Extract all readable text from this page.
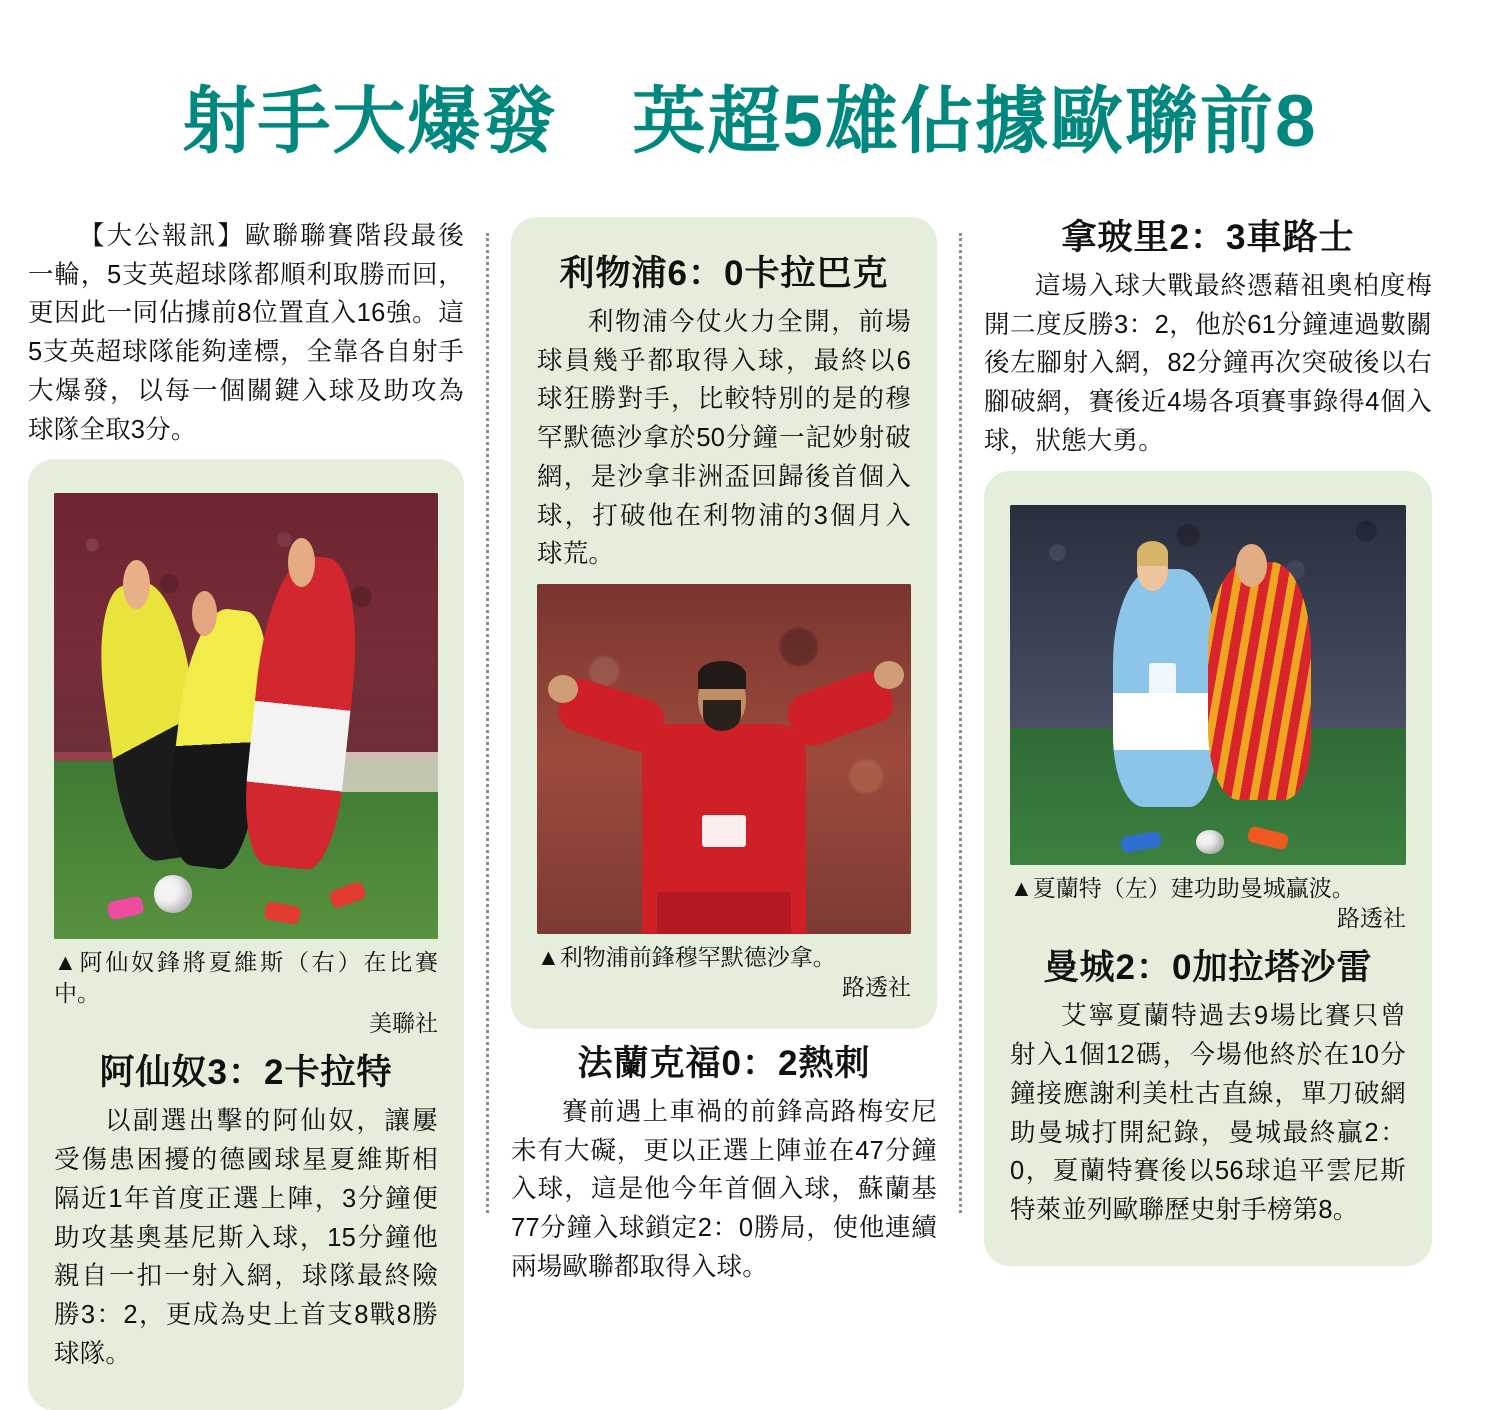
射手大爆發　英超5雄佔據歐聯前8

【大公報訊】歐聯聯賽階段最後一輪，5支英超球隊都順利取勝而回，更因此一同佔據前8位置直入16強。這5支英超球隊能夠達標，全靠各自射手大爆發，以每一個關鍵入球及助攻為球隊全取3分。

▲阿仙奴鋒將夏維斯（右）在比賽中。
美聯社
阿仙奴3：2卡拉特

以副選出擊的阿仙奴，讓屢受傷患困擾的德國球星夏維斯相隔近1年首度正選上陣，3分鐘便助攻基奧基尼斯入球，15分鐘他親自一扣一射入網，球隊最終險勝3：2，更成為史上首支8戰8勝球隊。

利物浦6：0卡拉巴克

利物浦今仗火力全開，前場球員幾乎都取得入球，最終以6球狂勝對手，比較特別的是的穆罕默德沙拿於50分鐘一記妙射破網，是沙拿非洲盃回歸後首個入球，打破他在利物浦的3個月入球荒。

▲利物浦前鋒穆罕默德沙拿。
路透社
法蘭克福0：2熱刺

賽前遇上車禍的前鋒高路梅安尼未有大礙，更以正選上陣並在47分鐘入球，這是他今年首個入球，蘇蘭基77分鐘入球鎖定2：0勝局，使他連續兩場歐聯都取得入球。

拿玻里2：3車路士

這場入球大戰最終憑藉祖奧柏度梅開二度反勝3：2，他於61分鐘連過數關後左腳射入網，82分鐘再次突破後以右腳破網，賽後近4場各項賽事錄得4個入球，狀態大勇。

▲夏蘭特（左）建功助曼城贏波。
路透社
曼城2：0加拉塔沙雷

艾寧夏蘭特過去9場比賽只曾射入1個12碼，今場他終於在10分鐘接應謝利美杜古直線，單刀破網助曼城打開紀錄，曼城最終贏2：0，夏蘭特賽後以56球追平雲尼斯特萊並列歐聯歷史射手榜第8。
